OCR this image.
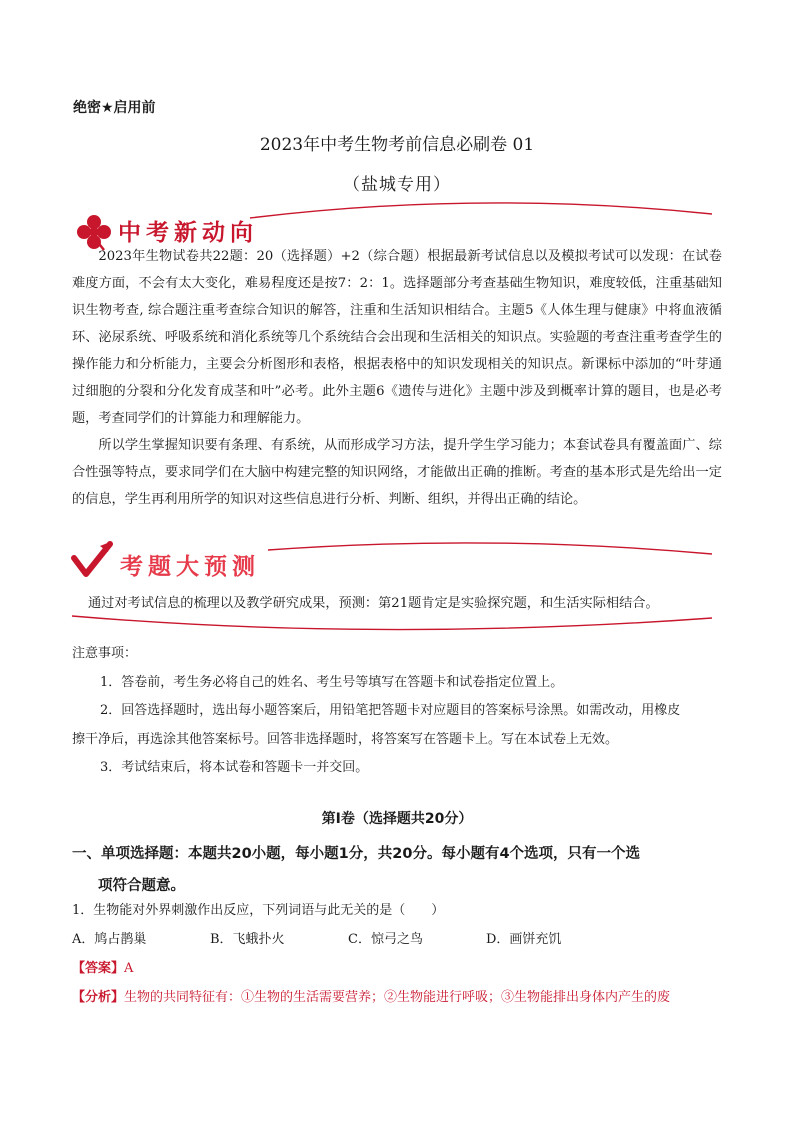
绝密★启用前
2023年中考生物考前信息必刷卷 01
（盐城专用）
中考新动向

2023年生物试卷共22题：20（选择题）+2（综合题）根据最新考试信息以及模拟考试可以发现：在试卷难度方面，不会有太大变化，难易程度还是按7：2：1。选择题部分考查基础生物知识，难度较低，注重基础知识生物考查, 综合题注重考查综合知识的解答，注重和生活知识相结合。主题5《人体生理与健康》中将血液循环、泌尿系统、呼吸系统和消化系统等几个系统结合会出现和生活相关的知识点。实验题的考查注重考查学生的操作能力和分析能力，主要会分析图形和表格，根据表格中的知识发现相关的知识点。新课标中添加的“叶芽通过细胞的分裂和分化发育成茎和叶”必考。此外主题6《遗传与进化》主题中涉及到概率计算的题目，也是必考题，考查同学们的计算能力和理解能力。

所以学生掌握知识要有条理、有系统，从而形成学习方法，提升学生学习能力；本套试卷具有覆盖面广、综合性强等特点，要求同学们在大脑中构建完整的知识网络，才能做出正确的推断。考查的基本形式是先给出一定的信息，学生再利用所学的知识对这些信息进行分析、判断、组织，并得出正确的结论。

考题大预测
通过对考试信息的梳理以及教学研究成果，预测：第21题肯定是实验探究题，和生活实际相结合。

注意事项：

1．答卷前，考生务必将自己的姓名、考生号等填写在答题卡和试卷指定位置上。

2．回答选择题时，选出每小题答案后，用铅笔把答题卡对应题目的答案标号涂黑。如需改动，用橡皮

擦干净后，再选涂其他答案标号。回答非选择题时，将答案写在答题卡上。写在本试卷上无效。

3．考试结束后，将本试卷和答题卡一并交回。

第I卷（选择题共20分）
一、单项选择题：本题共20小题，每小题1分，共20分。每小题有4个选项，只有一个选
项符合题意。
1．生物能对外界刺激作出反应，下列词语与此无关的是（　　）
A．鸠占鹊巢	B．飞蛾扑火	C．惊弓之鸟	D．画饼充饥
【答案】A
【分析】生物的共同特征有：①生物的生活需要营养；②生物能进行呼吸；③生物能排出身体内产生的废
